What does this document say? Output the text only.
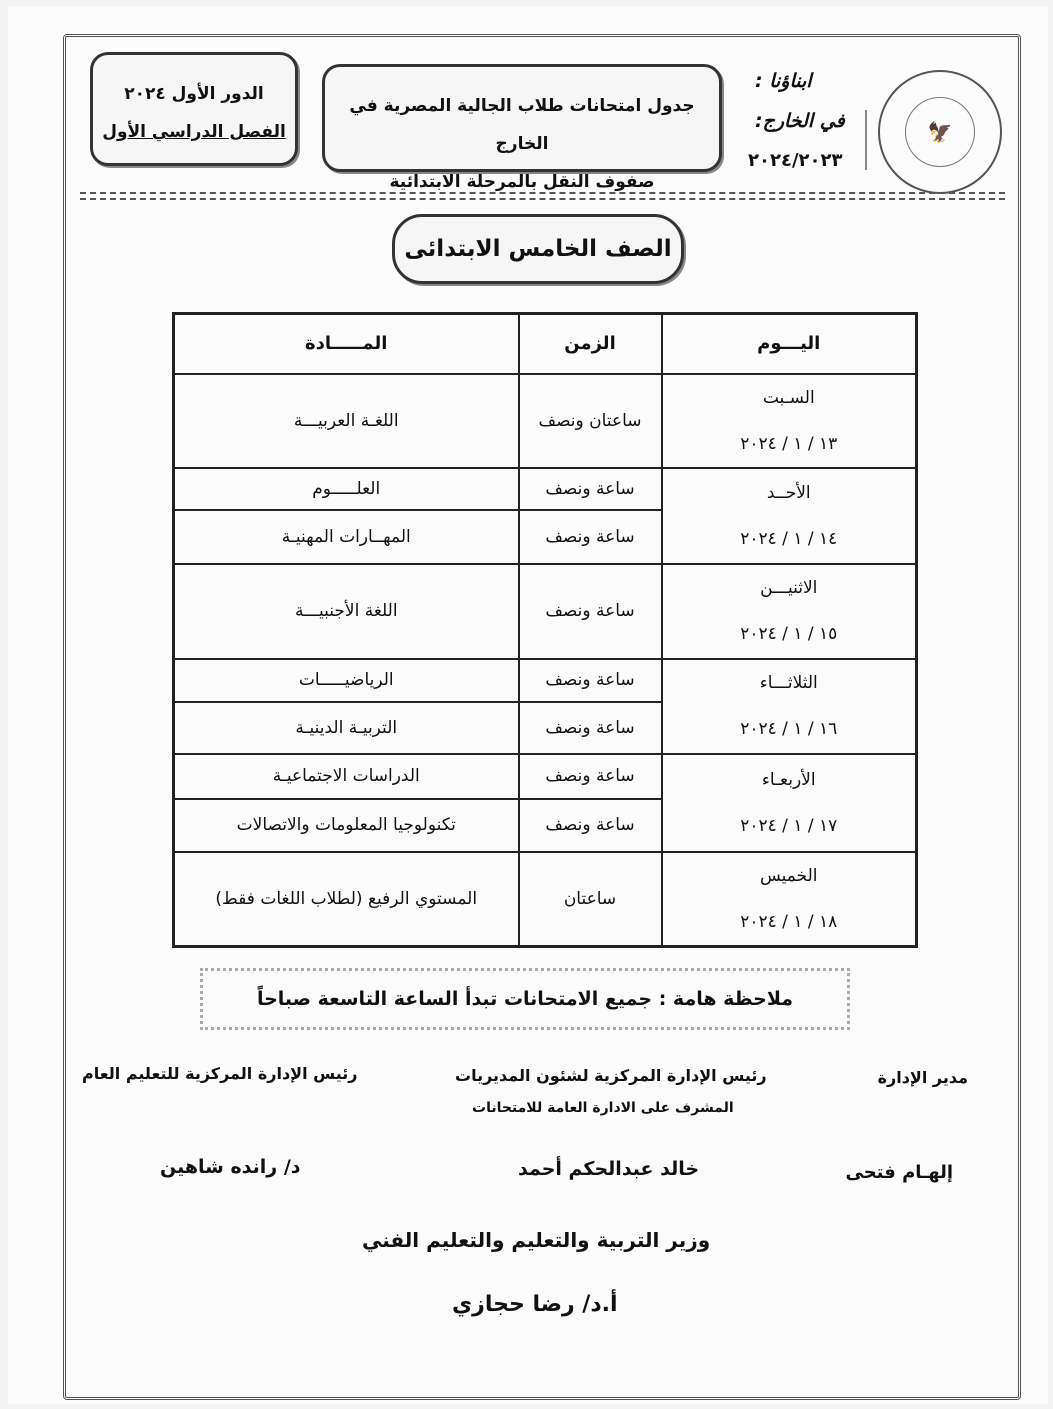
🦅
ابناؤنا :
في الخارج:
٢٠٢٤/٢٠٢٣
جدول امتحانات طلاب الجالية المصرية في الخارج
صفوف النقل بالمرحلة الابتدائية
الدور الأول ٢٠٢٤
الفصل الدراسي الأول
الصف الخامس الابتدائى
اليـــوم	الزمن	المـــــادة

السـبت
١٣ / ١ / ٢٠٢٤	ساعتان ونصف	اللغـة العربيـــة

الأحــد
١٤ / ١ / ٢٠٢٤	ساعة ونصف	العلـــــوم
	ساعة ونصف	المهــارات المهنيـة

الاثنيـــن
١٥ / ١ / ٢٠٢٤	ساعة ونصف	اللغة الأجنبيـــة

الثلاثـــاء
١٦ / ١ / ٢٠٢٤	ساعة ونصف	الرياضيـــــات
	ساعة ونصف	التربيـة الدينيـة

الأربعـاء
١٧ / ١ / ٢٠٢٤	ساعة ونصف	الدراسات الاجتماعيـة
	ساعة ونصف	تكنولوجيا المعلومات والاتصالات

الخميس
١٨ / ١ / ٢٠٢٤	ساعتان	المستوي الرفيع (لطلاب اللغات فقط)
ملاحظة هامة : جميع الامتحانات تبدأ الساعة التاسعة صباحاً
مدير الإدارة
إلهـام فتحى
رئيس الإدارة المركزية لشئون المديريات
المشرف على الادارة العامة للامتحانات
خالد عبدالحكم أحمد
رئيس الإدارة المركزية للتعليم العام
د/ رانده شاهين
وزير التربية والتعليم والتعليم الفني
أ.د/ رضا حجازي
